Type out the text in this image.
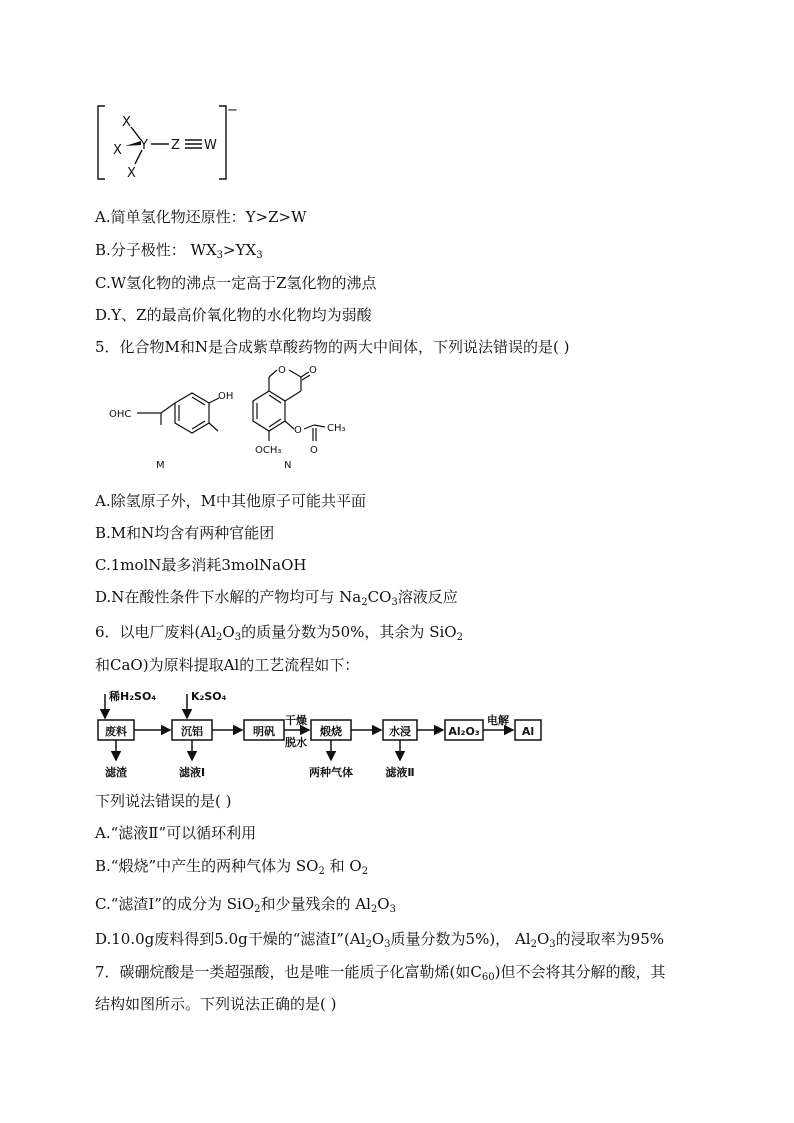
X
X Y
X
Z W
−
A.简单氢化物还原性：Y>Z>W
B.分子极性： $WX_3>YX_3$
C.W氢化物的沸点一定高于Z氢化物的沸点
D.Y、Z的最高价氧化物的水化物均为弱酸
5．化合物M和N是合成紫草酸药物的两大中间体，下列说法错误的是( )
OHC
OH
M
O O
O	CH₃
O
OCH₃
N
A.除氢原子外，M中其他原子可能共平面
B.M和N均含有两种官能团
C.1molN最多消耗3molNaOH
D.N在酸性条件下水解的产物均可与 $Na_2CO_3$溶液反应
6．以电厂废料($Al_2O_3$的质量分数为50%，其余为 SiO$_2$
和CaO)为原料提取Al的工艺流程如下：
废料	沉铝	明矾	煅烧	水浸	Al₂O₃	Al
稀H₂SO₄	K₂SO₄
干燥
脱水
电解
滤渣	滤液Ⅰ	两种气体	滤液Ⅱ
下列说法错误的是( )
A.“滤液Ⅱ”可以循环利用
B.“煅烧”中产生的两种气体为 $SO_2$ 和 $O_2$
C.“滤渣Ⅰ”的成分为 SiO$_2$和少量残余的 $Al_2O_3$
D.10.0g废料得到5.0g干燥的“滤渣$Ⅰ”(Al_2O_3$质量分数为5%)， $Al_2O_3$的浸取率为95%
7．碳硼烷酸是一类超强酸，也是唯一能质子化富勒烯(如$C_{60}$)但不会将其分解的酸，其
结构如图所示。下列说法正确的是( )
